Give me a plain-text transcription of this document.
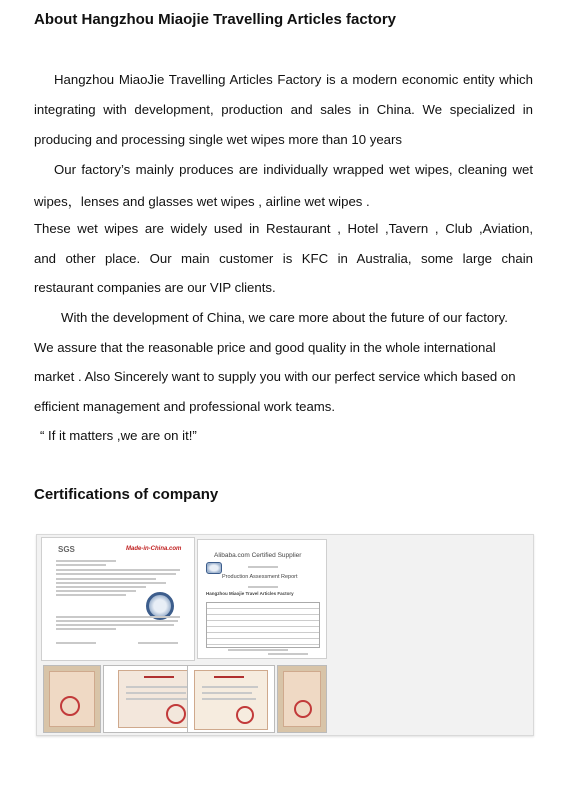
About Hangzhou Miaojie Travelling Articles factory
Hangzhou MiaoJie Travelling Articles Factory is a modern economic entity which
integrating with development, production and sales in China. We specialized in
producing and processing single wet wipes more than 10 years
Our factory’s mainly produces are individually wrapped wet wipes, cleaning wet
wipes，lenses and glasses wet wipes , airline wet wipes .
These wet wipes are widely used in Restaurant , Hotel ,Tavern , Club ,Aviation,
and other place. Our main customer is KFC in Australia, some large chain
restaurant companies are our VIP clients.
With the development of China, we care more about the future of our factory.
We assure that the reasonable price and good quality in the whole international
market . Also Sincerely want to supply you with our perfect service which based on
efficient management and professional work teams.
“ If it matters ,we are on it!”
Certifications of company
SGS	Made-in-China.com
Alibaba.com Certified Supplier
Production Assessment Report
Hangzhou Miaojie Travel Articles Factory
